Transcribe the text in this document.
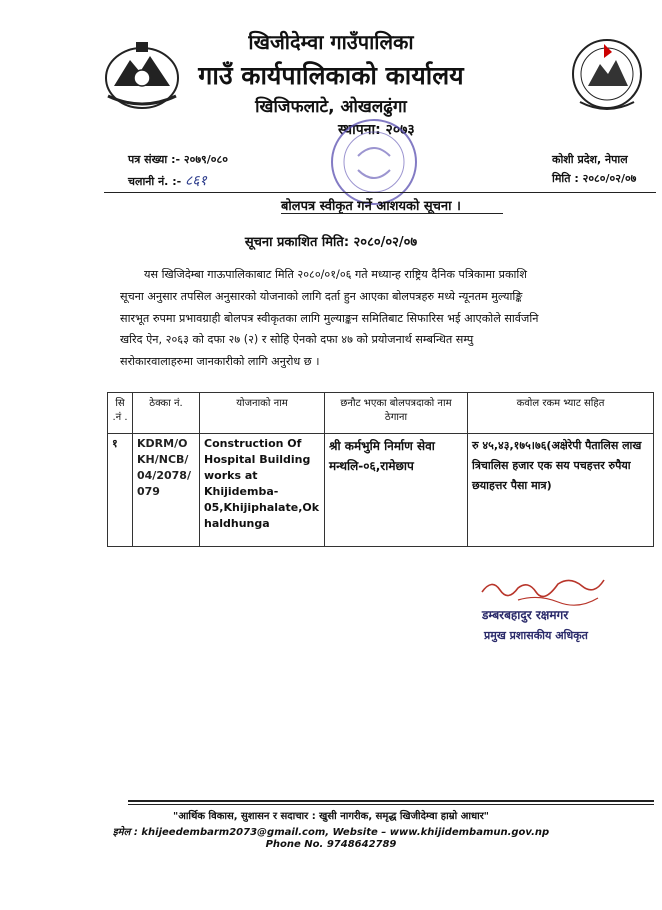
खिजीदेम्वा गाउँपालिका
गाउँ कार्यपालिकाको कार्यालय
खिजिफलाटे, ओखलढुंगा
स्थापना: २०७३
पत्र संख्या :- २०७९/०८०
चलानी नं. :- ८६१
कोशी प्रदेश, नेपाल
मिति : २०८०/०२/०७
बोलपत्र स्वीकृत गर्ने आशयको सूचना ।
सूचना प्रकाशित मिति: २०८०/०२/०७
यस खिजिदेम्बा गाऊपालिकाबाट मिति २०८०/०१/०६ गते मध्यान्ह राष्ट्रिय दैनिक पत्रिकामा प्रकाशि
सूचना अनुसार तपसिल अनुसारको योजनाको लागि दर्ता हुन आएका बोलपत्रहरु मध्ये न्यूनतम मुल्याङ्कि
सारभूत रुपमा प्रभावग्राही बोलपत्र स्वीकृतका लागि मुल्याङ्कन समितिबाट सिफारिस भई आएकोले सार्वजनि
खरिद ऐन, २०६३ को दफा २७ (२) र सोहि ऐनको दफा ४७ को प्रयोजनार्थ सम्बन्धित सम्पु
सरोकारवालाहरुमा जानकारीको लागि अनुरोध छ ।
सि .नं .	ठेक्का नं.	योजनाको नाम	छनौट भएका बोलपत्रदाको नाम ठेगाना	कवोल रकम भ्याट सहित
१	KDRM/O KH/NCB/ 04/2078/ 079	Construction Of Hospital Building works at Khijidemba-05,Khijiphalate,Okhaldhunga	श्री कर्मभुमि निर्माण सेवा मन्थलि-०६,रामेछाप	रु ४५,४३,१७५।७६(अक्षेरेपी पैतालिस लाख त्रिचालिस हजार एक सय पचहत्तर रुपैया छयाहत्तर पैसा मात्र)
डम्बरबहादुर रक्षमगर
प्रमुख प्रशासकीय अधिकृत
"आर्थिक विकास, सुशासन र सदाचार : खुसी नागरीक, समृद्ध खिजीदेम्वा हाम्रो आधार"
इमेल : khijeedembarm2073@gmail.com, Website – www.khijidembamun.gov.np
Phone No. 9748642789
